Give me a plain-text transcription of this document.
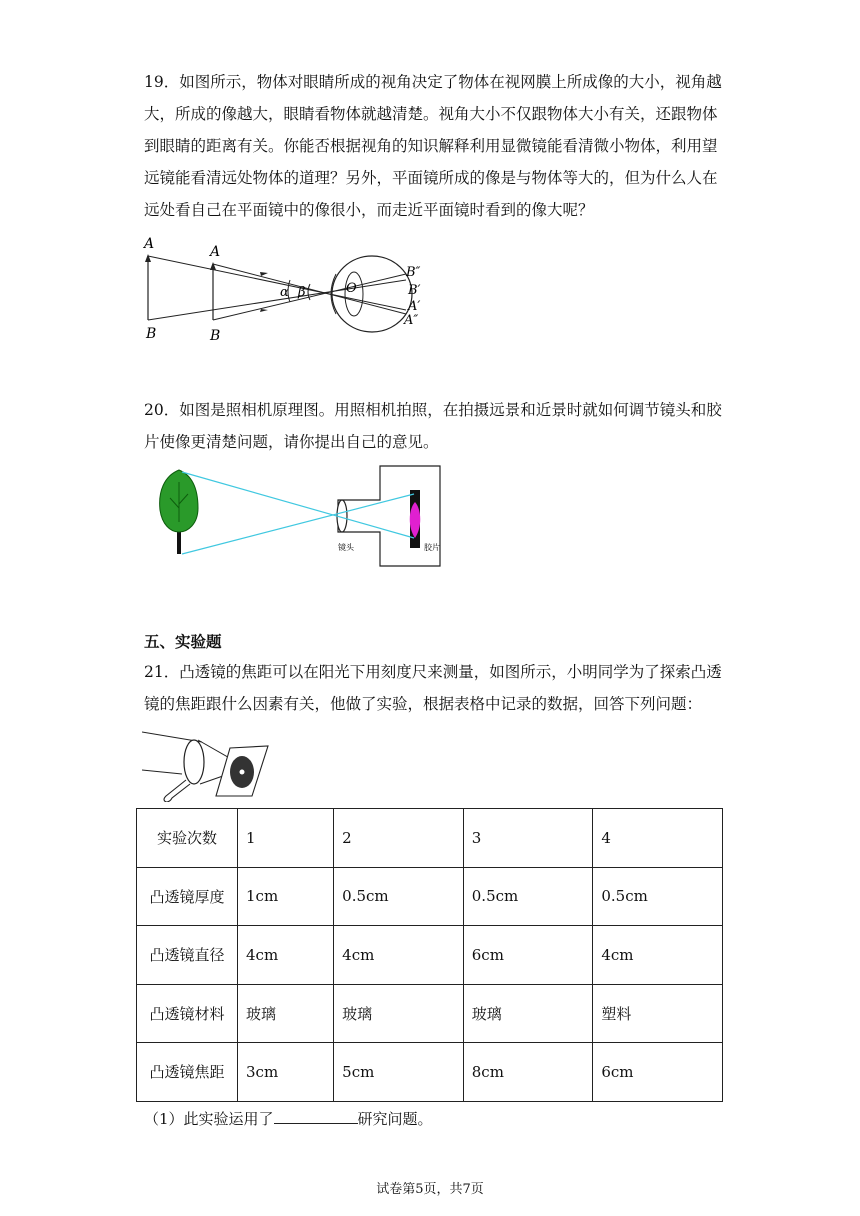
19．如图所示，物体对眼睛所成的视角决定了物体在视网膜上所成像的大小，视角越大，所成的像越大，眼睛看物体就越清楚。视角大小不仅跟物体大小有关，还跟物体到眼睛的距离有关。你能否根据视角的知识解释利用显微镜能看清微小物体，利用望远镜能看清远处物体的道理？另外，平面镜所成的像是与物体等大的，但为什么人在远处看自己在平面镜中的像很小，而走近平面镜时看到的像大呢？

A	A
B	B
α β	O
B″
B′
A′
A″

20．如图是照相机原理图。用照相机拍照，在拍摄远景和近景时就如何调节镜头和胶片使像更清楚问题，请你提出自己的意见。

镜头	胶片
五、实验题

21．凸透镜的焦距可以在阳光下用刻度尺来测量，如图所示，小明同学为了探索凸透镜的焦距跟什么因素有关，他做了实验，根据表格中记录的数据，回答下列问题：

实验次数	1	2	3	4
凸透镜厚度	1cm	0.5cm	0.5cm	0.5cm
凸透镜直径	4cm	4cm	6cm	4cm
凸透镜材料	玻璃	玻璃	玻璃	塑料
凸透镜焦距	3cm	5cm	8cm	6cm
（1）此实验运用了	研究问题。
试卷第5页，共7页
